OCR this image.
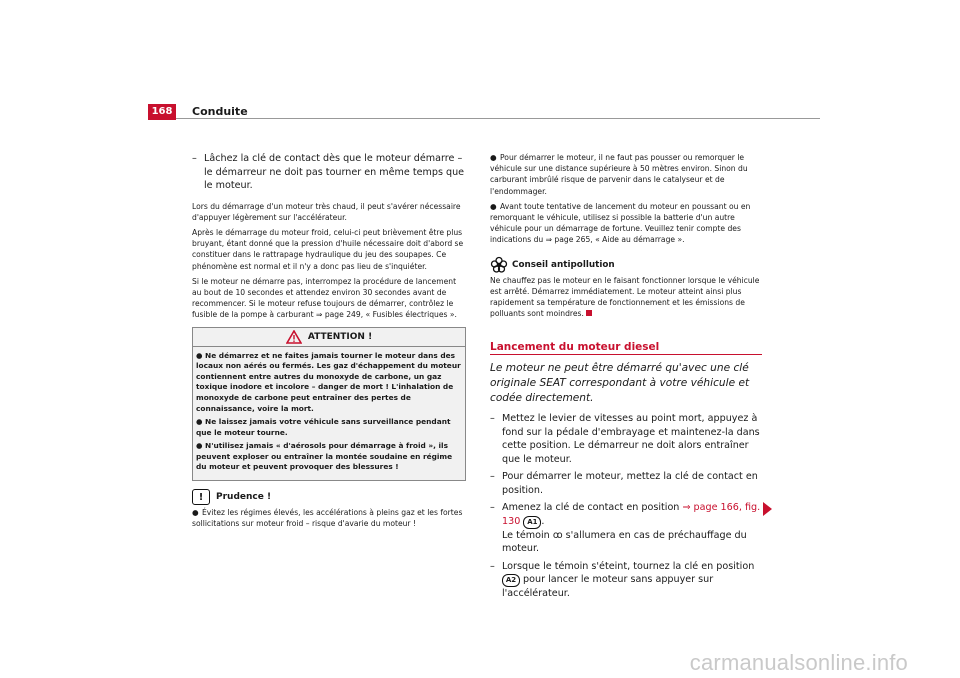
168	Conduite

– Lâchez la clé de contact dès que le moteur démarre – le démarreur ne doit pas tourner en même temps que le moteur.

Lors du démarrage d'un moteur très chaud, il peut s'avérer nécessaire d'appuyer légèrement sur l'accélérateur.

Après le démarrage du moteur froid, celui-ci peut brièvement être plus bruyant, étant donné que la pression d'huile nécessaire doit d'abord se constituer dans le rattrapage hydraulique du jeu des soupapes. Ce phénomène est normal et il n'y a donc pas lieu de s'inquiéter.

Si le moteur ne démarre pas, interrompez la procédure de lancement au bout de 10 secondes et attendez environ 30 secondes avant de recommencer. Si le moteur refuse toujours de démarrer, contrôlez le fusible de la pompe à carburant ⇒ page 249, « Fusibles électriques ».

ATTENTION !

● Ne démarrez et ne faites jamais tourner le moteur dans des locaux non aérés ou fermés. Les gaz d'échappement du moteur contiennent entre autres du monoxyde de carbone, un gaz toxique inodore et incolore – danger de mort ! L'inhalation de monoxyde de carbone peut entraîner des pertes de connaissance, voire la mort.

● Ne laissez jamais votre véhicule sans surveillance pendant que le moteur tourne.

● N'utilisez jamais « d'aérosols pour démarrage à froid », ils peuvent exploser ou entraîner la montée soudaine en régime du moteur et peuvent provoquer des blessures !

!	Prudence !

● Évitez les régimes élevés, les accélérations à pleins gaz et les fortes sollicitations sur moteur froid – risque d'avarie du moteur !

● Pour démarrer le moteur, il ne faut pas pousser ou remorquer le véhicule sur une distance supérieure à 50 mètres environ. Sinon du carburant imbrûlé risque de parvenir dans le catalyseur et de l'endommager.

● Avant toute tentative de lancement du moteur en poussant ou en remorquant le véhicule, utilisez si possible la batterie d'un autre véhicule pour un démarrage de fortune. Veuillez tenir compte des indications du ⇒ page 265, « Aide au démarrage ».

Conseil antipollution

Ne chauffez pas le moteur en le faisant fonctionner lorsque le véhicule est arrêté. Démarrez immédiatement. Le moteur atteint ainsi plus rapidement sa température de fonctionnement et les émissions de polluants sont moindres.

Lancement du moteur diesel

Le moteur ne peut être démarré qu'avec une clé originale SEAT correspondant à votre véhicule et codée directement.

– Mettez le levier de vitesses au point mort, appuyez à fond sur la pédale d'embrayage et maintenez-la dans cette position. Le démarreur ne doit alors entraîner que le moteur.

– Pour démarrer le moteur, mettez la clé de contact en position.

– Amenez la clé de contact en position ⇒ page 166, fig. 130 A1 .
Le témoin ꝏ s'allumera en cas de préchauffage du moteur.

– Lorsque le témoin s'éteint, tournez la clé en position A2 pour lancer le moteur sans appuyer sur l'accélérateur.

carmanualsonline.info
